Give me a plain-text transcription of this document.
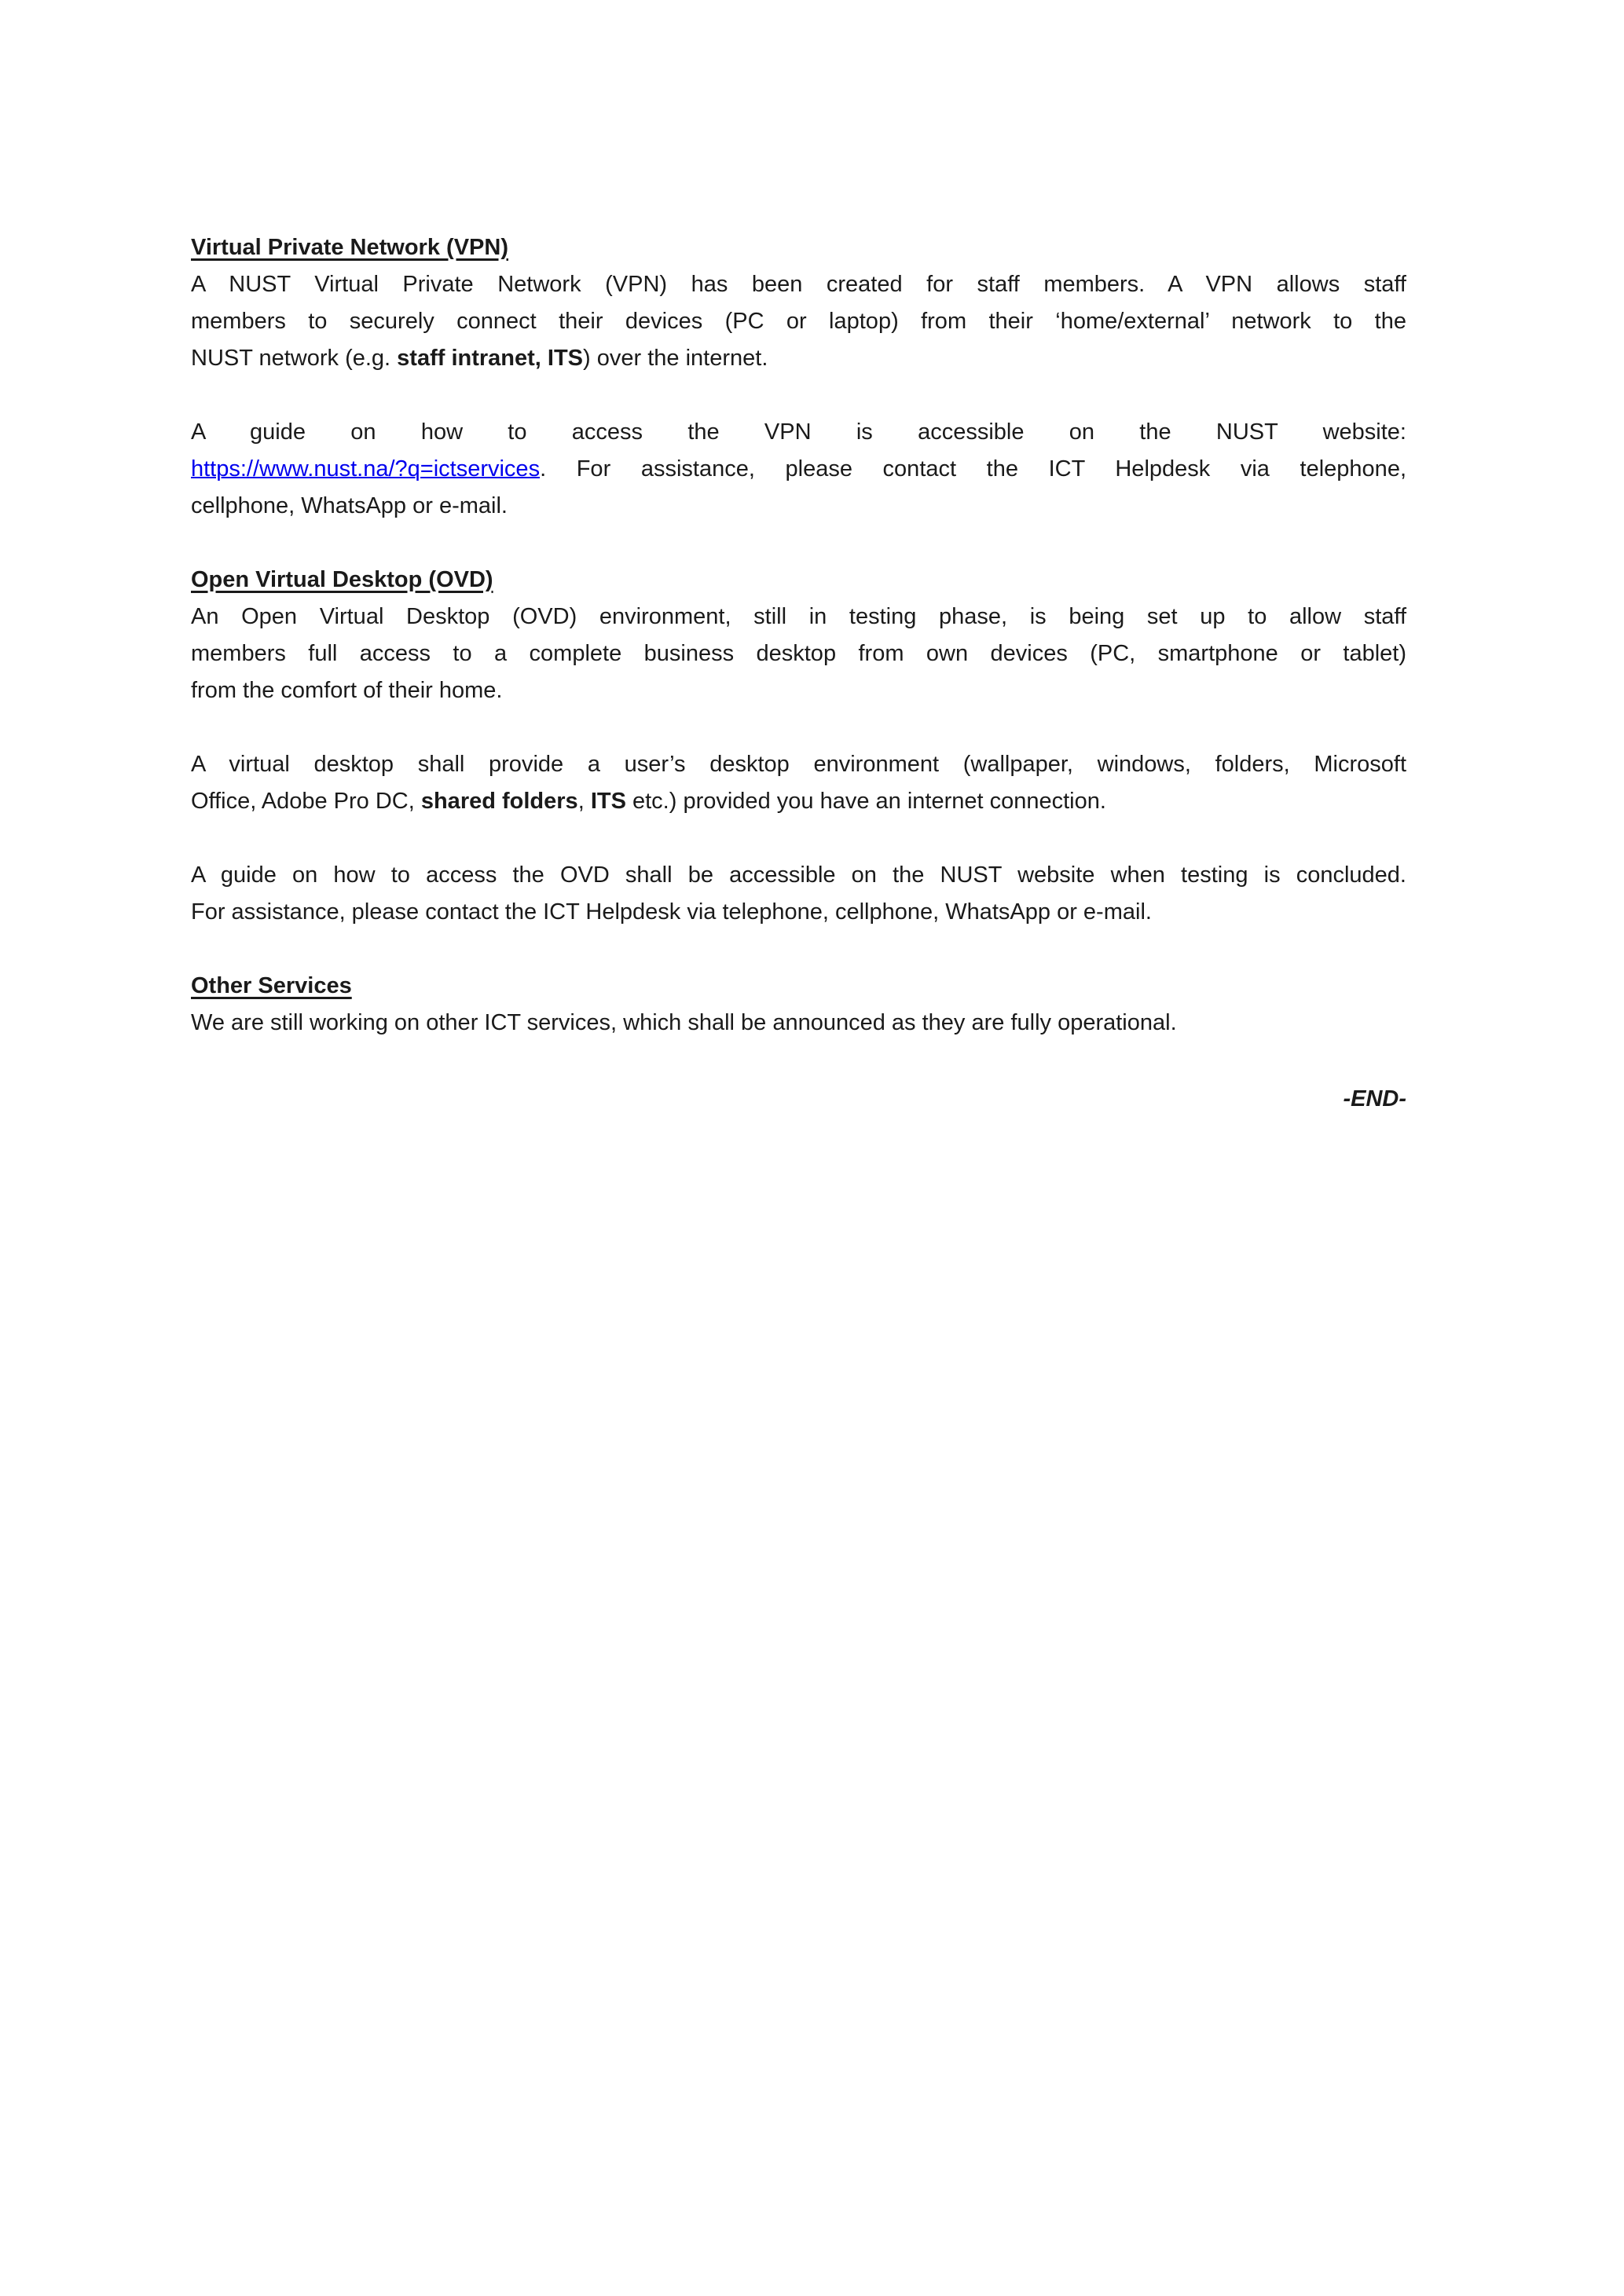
Virtual Private Network (VPN)
A NUST Virtual Private Network (VPN) has been created for staff members. A VPN allows staff
members to securely connect their devices (PC or laptop) from their ‘home/external’ network to the
NUST network (e.g. staff intranet, ITS) over the internet.
A guide on how to access the VPN is accessible on the NUST website:
https://www.nust.na/?q=ictservices. For assistance, please contact the ICT Helpdesk via telephone,
cellphone, WhatsApp or e-mail.
Open Virtual Desktop (OVD)
An Open Virtual Desktop (OVD) environment, still in testing phase, is being set up to allow staff
members full access to a complete business desktop from own devices (PC, smartphone or tablet)
from the comfort of their home.
A virtual desktop shall provide a user’s desktop environment (wallpaper, windows, folders, Microsoft
Office, Adobe Pro DC, shared folders, ITS etc.) provided you have an internet connection.
A guide on how to access the OVD shall be accessible on the NUST website when testing is concluded.
For assistance, please contact the ICT Helpdesk via telephone, cellphone, WhatsApp or e-mail.
Other Services
We are still working on other ICT services, which shall be announced as they are fully operational.
-END-
